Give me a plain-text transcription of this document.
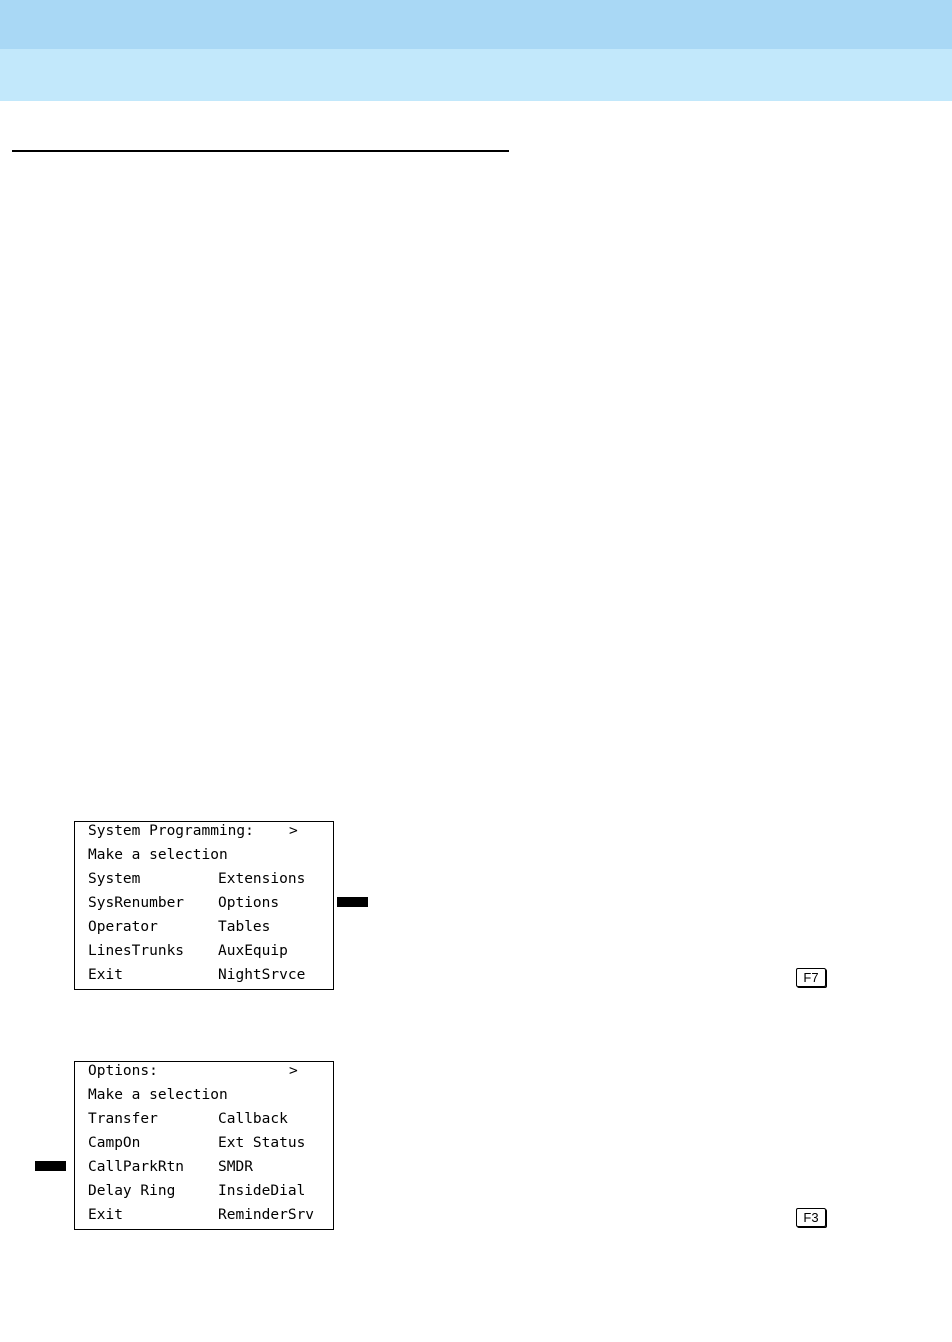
System Programming: >
Make a selection
System	Extensions
SysRenumber Options
Operator	Tables
LinesTrunks AuxEquip
Exit	NightSrvce	F7
Options:	>
Make a selection
Transfer	Callback
CampOn	Ext Status
CallParkRtn SMDR
Delay Ring	InsideDial
Exit	ReminderSrv	F3
